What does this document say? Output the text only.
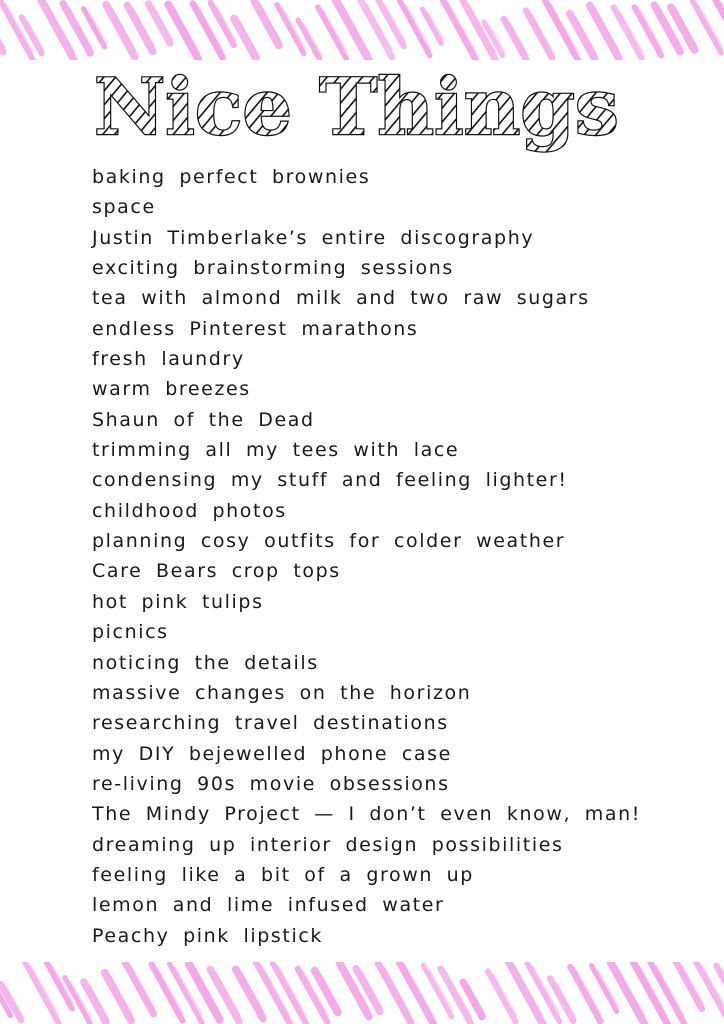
Nice Things
baking perfect brownies
space
Justin Timberlake’s entire discography
exciting brainstorming sessions
tea with almond milk and two raw sugars
endless Pinterest marathons
fresh laundry
warm breezes
Shaun of the Dead
trimming all my tees with lace
condensing my stuff and feeling lighter!
childhood photos
planning cosy outfits for colder weather
Care Bears crop tops
hot pink tulips
picnics
noticing the details
massive changes on the horizon
researching travel destinations
my DIY bejewelled phone case
re-living 90s movie obsessions
The Mindy Project — I don’t even know, man!
dreaming up interior design possibilities
feeling like a bit of a grown up
lemon and lime infused water
Peachy pink lipstick
